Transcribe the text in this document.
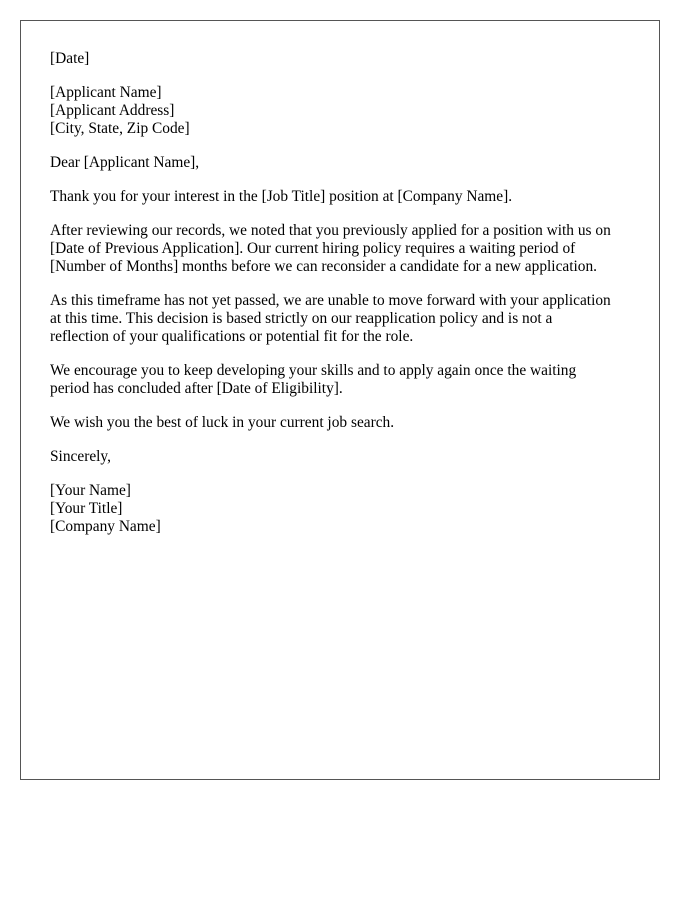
[Date]
[Applicant Name]
[Applicant Address]
[City, State, Zip Code]
Dear [Applicant Name],

Thank you for your interest in the [Job Title] position at [Company Name].

After reviewing our records, we noted that you previously applied for a position with us on
[Date of Previous Application]. Our current hiring policy requires a waiting period of
[Number of Months] months before we can reconsider a candidate for a new application.

As this timeframe has not yet passed, we are unable to move forward with your application
at this time. This decision is based strictly on our reapplication policy and is not a
reflection of your qualifications or potential fit for the role.

We encourage you to keep developing your skills and to apply again once the waiting
period has concluded after [Date of Eligibility].

We wish you the best of luck in your current job search.

Sincerely,
[Your Name]
[Your Title]
[Company Name]
